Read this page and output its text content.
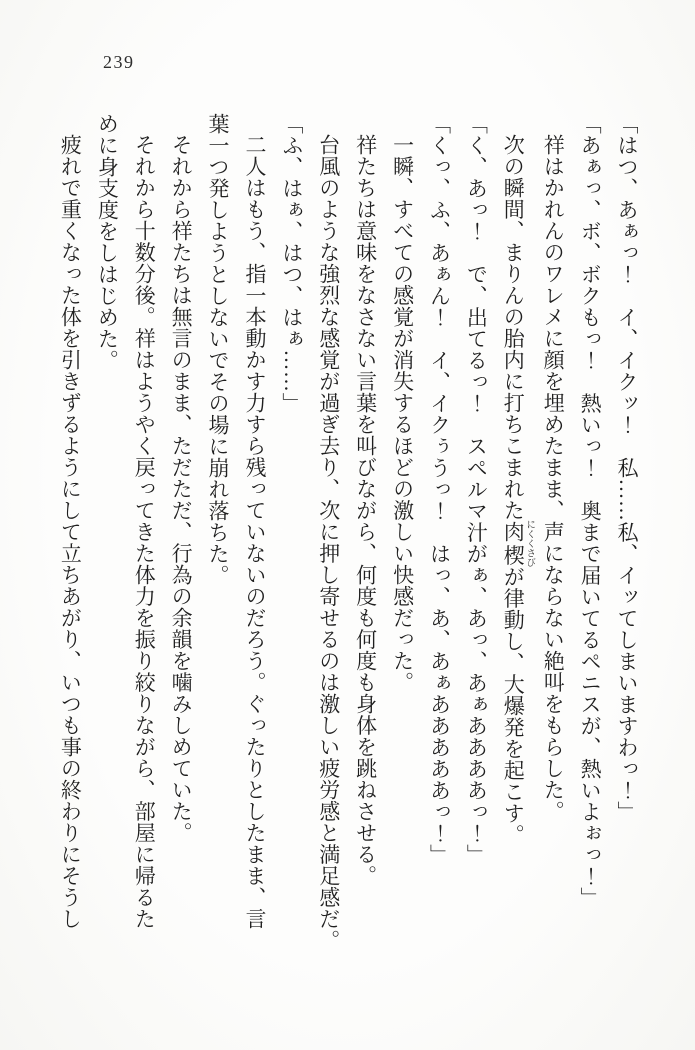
239
「はつ、あぁっ！　イ、イクッ！　私……私、イッてしまいますわっ！」
「あぁっ、ボ、ボクもっ！　熱いっ！　奥まで届いてるペニスが、熱いよぉっ！」
祥はかれんのワレメに顔を埋めたまま、声にならない絶叫をもらした。
次の瞬間、まりんの胎内に打ちこまれた肉楔 にくくさびが律動し、大爆発を起こす。
「く、あっ！　で、出てるっ！　スペルマ汁がぁ、あっ、あぁああああっ！」
「くっ、ふ、あぁん！　イ、イクぅうっ！　はっ、あ、あぁあああああっ！」
一瞬、すべての感覚が消失するほどの激しい快感だった。
祥たちは意味をなさない言葉を叫びながら、何度も何度も身体を跳ねさせる。
台風のような強烈な感覚が過ぎ去り、次に押し寄せるのは激しい疲労感と満足感だ。
「ふ、はぁ、はつ、はぁ……」
二人はもう、指一本動かす力すら残っていないのだろう。ぐったりとしたまま、言
葉一つ発しようとしないでその場に崩れ落ちた。
それから祥たちは無言のまま、ただただ、行為の余韻を噛みしめていた。
それから十数分後。祥はようやく戻ってきた体力を振り絞りながら、部屋に帰るた
めに身支度をしはじめた。
疲れで重くなった体を引きずるようにして立ちあがり、いつも事の終わりにそうし
